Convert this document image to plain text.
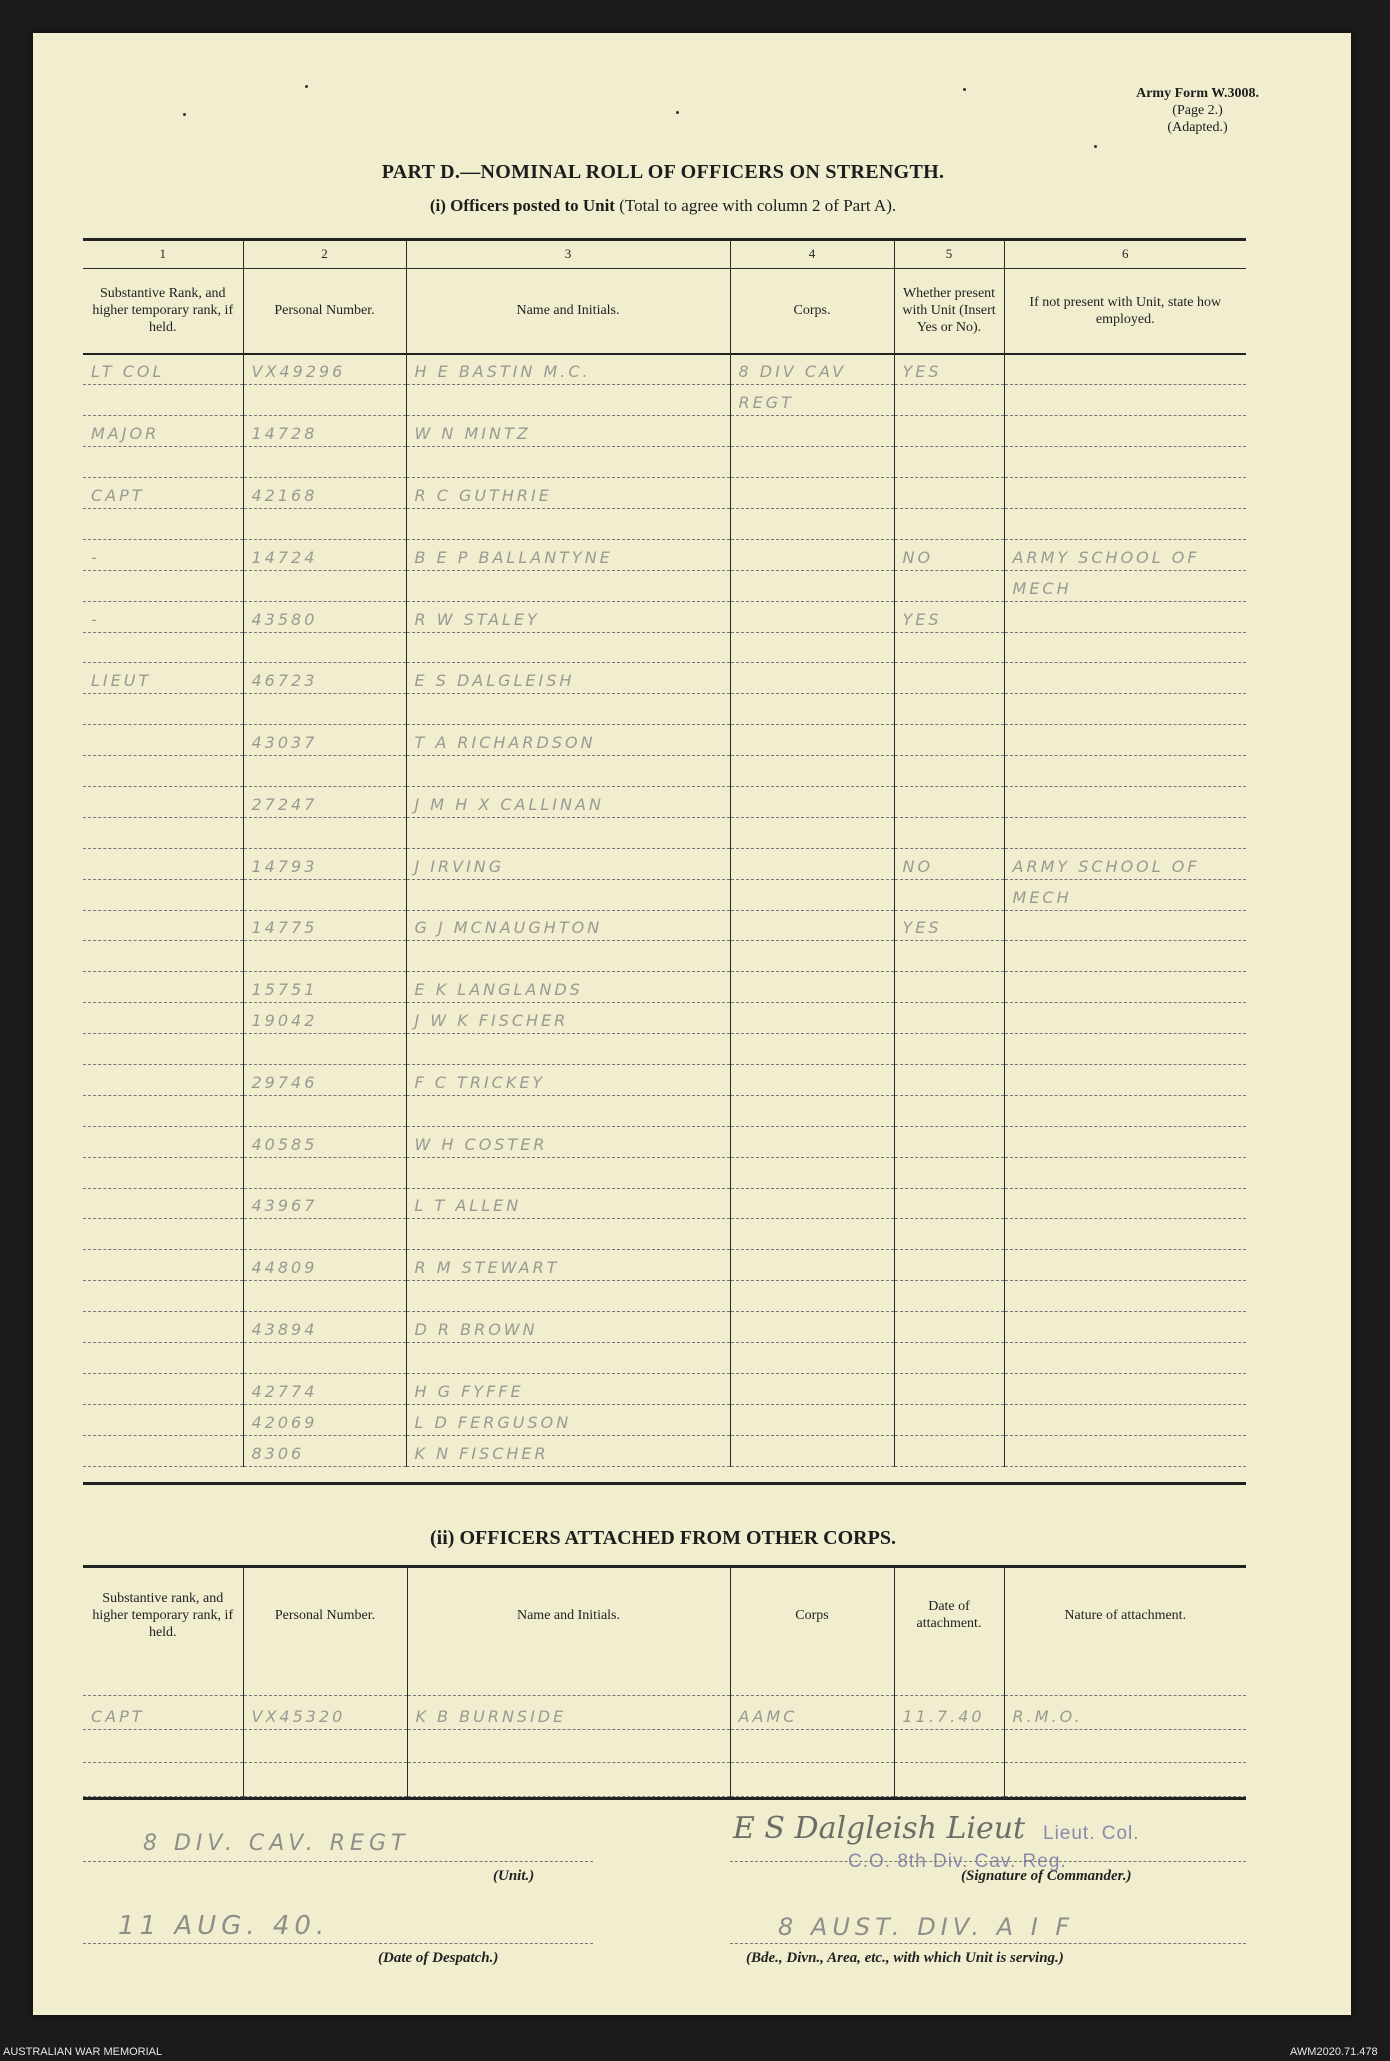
Army Form W.3008.
(Page 2.)
(Adapted.)
PART D.—NOMINAL ROLL OF OFFICERS ON STRENGTH.
(i) Officers posted to Unit (Total to agree with column 2 of Part A).
1	2	3	4	5	6
Substantive Rank, and higher temporary rank, if held.	Personal Number.	Name and Initials.	Corps.	Whether present with Unit (Insert Yes or No).	If not present with Unit, state how employed.
LT COL	VX49296	H E BASTIN M.C.	8 DIV CAV	YES	
			REGT		
MAJOR	14728	W N MINTZ			

CAPT	42168	R C GUTHRIE			

-	14724	B E P BALLANTYNE		NO	ARMY SCHOOL OF
					MECH
-	43580	R W STALEY		YES	

LIEUT	46723	E S DALGLEISH			

	43037	T A RICHARDSON			

	27247	J M H X CALLINAN			

	14793	J IRVING		NO	ARMY SCHOOL OF
					MECH
	14775	G J MCNAUGHTON		YES	

	15751	E K LANGLANDS			
	19042	J W K FISCHER			

	29746	F C TRICKEY			

	40585	W H COSTER			

	43967	L T ALLEN			

	44809	R M STEWART			

	43894	D R BROWN			

	42774	H G FYFFE			
	42069	L D FERGUSON			
	8306	K N FISCHER			
(ii) OFFICERS ATTACHED FROM OTHER CORPS.
Substantive rank, and higher temporary rank, if held.	Personal Number.	Name and Initials.	Corps	Date of attachment.	Nature of attachment.

CAPT	VX45320	K B BURNSIDE	AAMC	11.7.40	R.M.O.

8 DIV. CAV. REGT
(Unit.)
11 AUG. 40.
(Date of Despatch.)
E S Dalgleish Lieut Lieut. Col.
C.O. 8th Div. Cav. Reg.
(Signature of Commander.)
8 AUST. DIV. A I F
(Bde., Divn., Area, etc., with which Unit is serving.)
AUSTRALIAN WAR MEMORIAL	AWM2020.71.478
